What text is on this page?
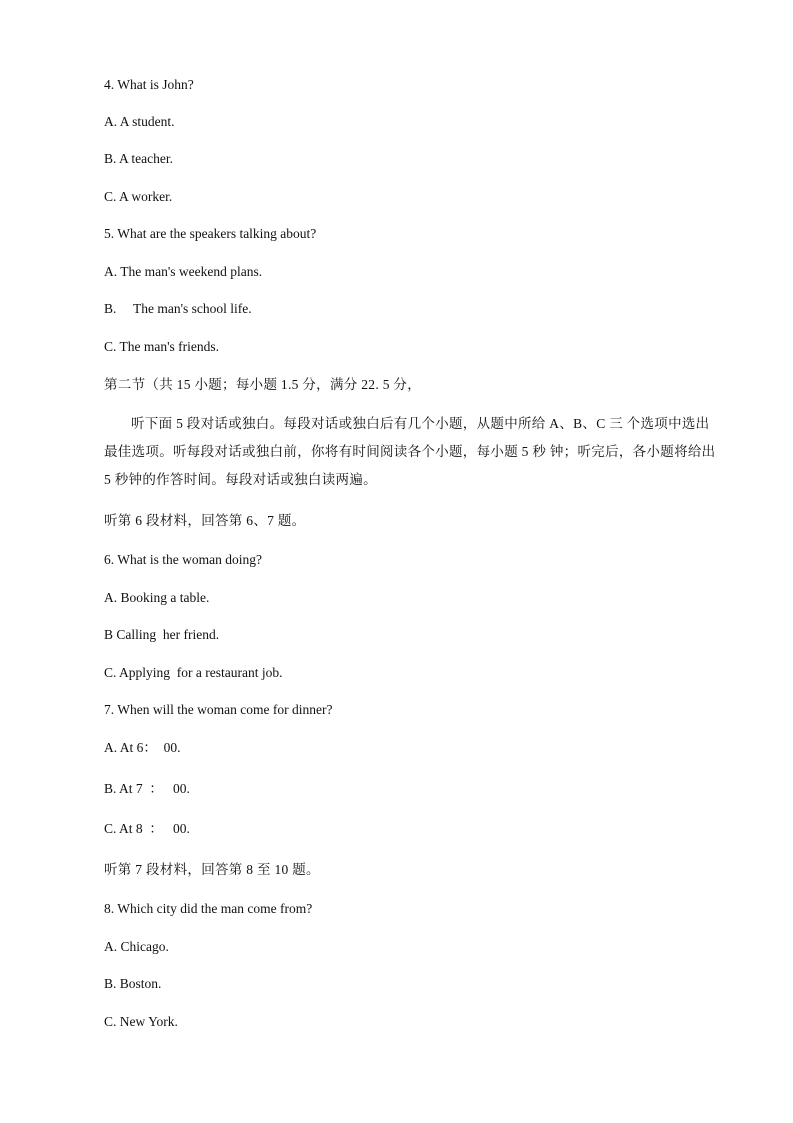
4. What is John?
A. A student.
B. A teacher.
C. A worker.
5. What are the speakers talking about?
A. The man's weekend plans.
B.     The man's school life.
C. The man's friends.
第二节（共 15 小题；每小题 1.5 分，满分 22. 5 分，
听下面 5 段对话或独白。每段对话或独白后有几个小题，从题中所给 A、B、C 三 个选项中选出最佳选项。听每段对话或独白前，你将有时间阅读各个小题，每小题 5 秒 钟；听完后，各小题将给出 5 秒钟的作答时间。每段对话或独白读两遍。
听第 6 段材料，回答第 6、7 题。
6. What is the woman doing?
A. Booking a table.
B Calling  her friend.
C. Applying  for a restaurant job.
7. When will the woman come for dinner?
A. At 6：  00.
B. At 7  ：   00.
C. At 8  ：   00.
听第 7 段材料，回答第 8 至 10 题。
8. Which city did the man come from?
A. Chicago.
B. Boston.
C. New York.
